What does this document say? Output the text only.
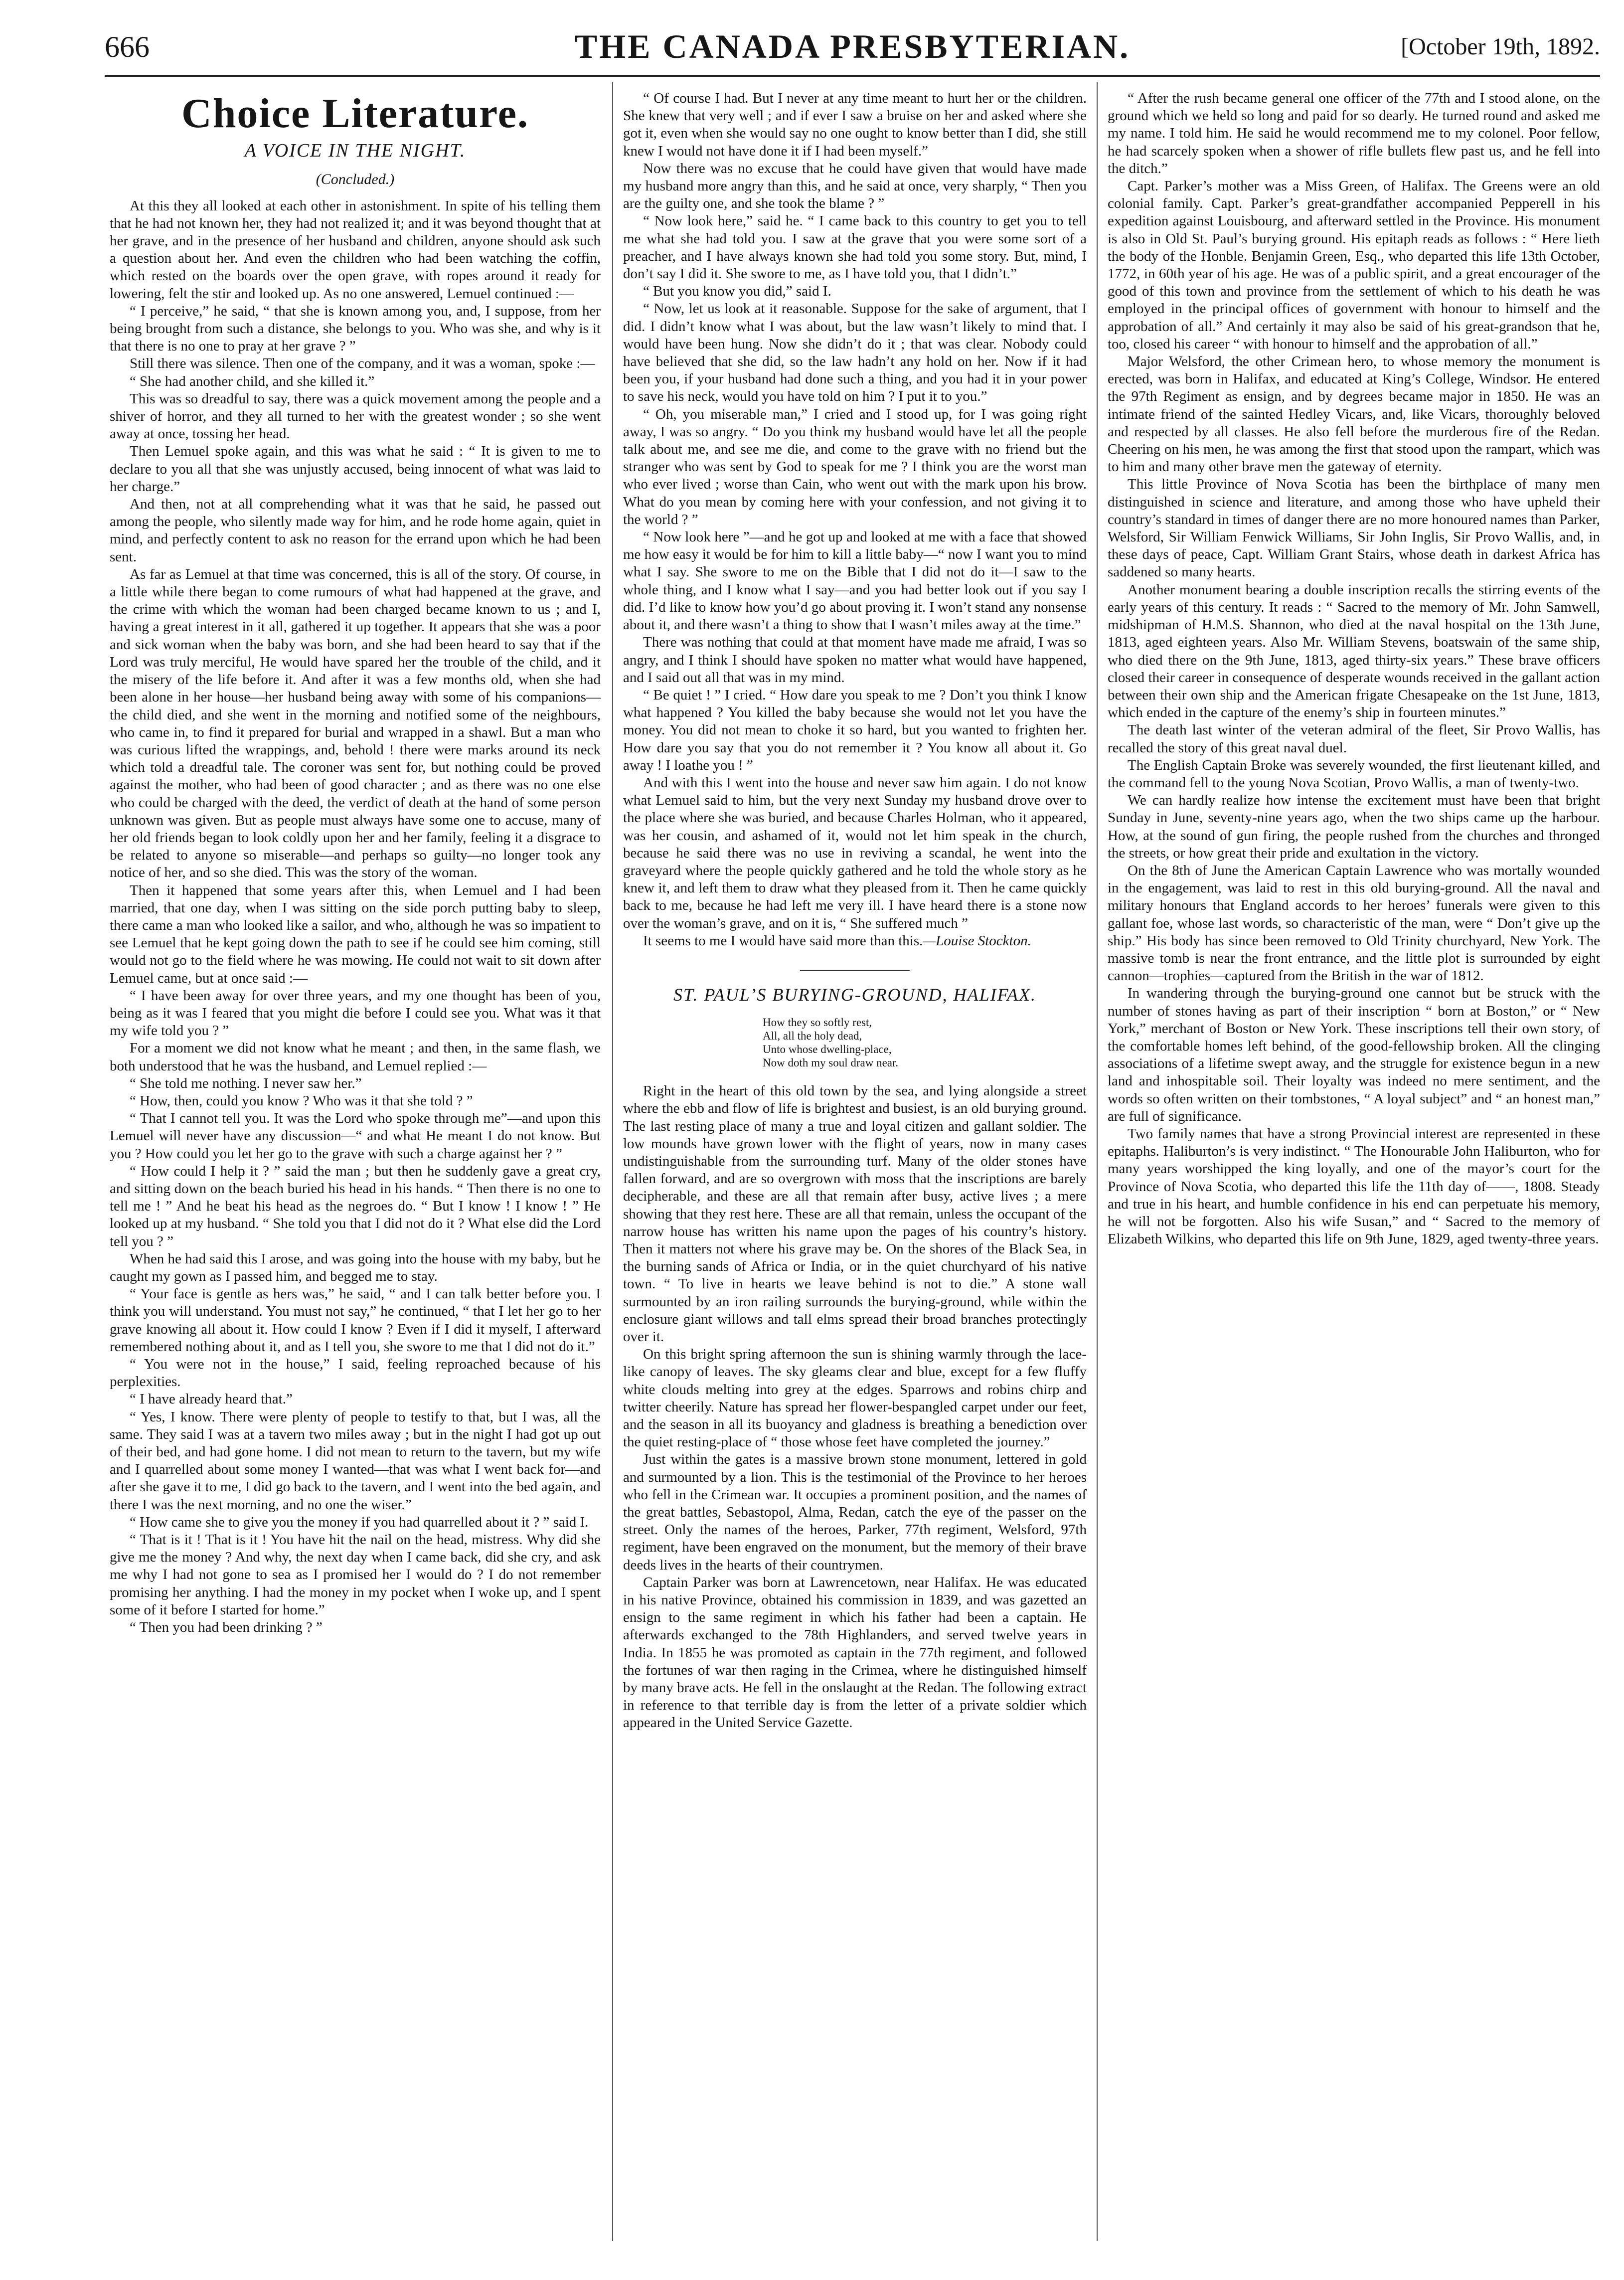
666	THE CANADA PRESBYTERIAN.	[October 19th, 1892.
Choice Literature.
A VOICE IN THE NIGHT.
(Concluded.)

At this they all looked at each other in astonishment. In spite of his telling them that he had not known her, they had not realized it; and it was beyond thought that at her grave, and in the presence of her husband and children, anyone should ask such a question about her. And even the children who had been watching the coffin, which rested on the boards over the open grave, with ropes around it ready for lowering, felt the stir and looked up. As no one answered, Lemuel continued :—

“ I perceive,” he said, “ that she is known among you, and, I suppose, from her being brought from such a distance, she belongs to you. Who was she, and why is it that there is no one to pray at her grave ? ”

Still there was silence. Then one of the company, and it was a woman, spoke :—

“ She had another child, and she killed it.”

This was so dreadful to say, there was a quick movement among the people and a shiver of horror, and they all turned to her with the greatest wonder ; so she went away at once, tossing her head.

Then Lemuel spoke again, and this was what he said : “ It is given to me to declare to you all that she was unjustly accused, being innocent of what was laid to her charge.”

And then, not at all comprehending what it was that he said, he passed out among the people, who silently made way for him, and he rode home again, quiet in mind, and perfectly content to ask no reason for the errand upon which he had been sent.

As far as Lemuel at that time was concerned, this is all of the story. Of course, in a little while there began to come rumours of what had happened at the grave, and the crime with which the woman had been charged became known to us ; and I, having a great interest in it all, gathered it up together. It appears that she was a poor and sick woman when the baby was born, and she had been heard to say that if the Lord was truly merciful, He would have spared her the trouble of the child, and it the misery of the life before it. And after it was a few months old, when she had been alone in her house—her husband being away with some of his companions—the child died, and she went in the morning and notified some of the neighbours, who came in, to find it prepared for burial and wrapped in a shawl. But a man who was curious lifted the wrappings, and, behold ! there were marks around its neck which told a dreadful tale. The coroner was sent for, but nothing could be proved against the mother, who had been of good character ; and as there was no one else who could be charged with the deed, the verdict of death at the hand of some person unknown was given. But as people must always have some one to accuse, many of her old friends began to look coldly upon her and her family, feeling it a disgrace to be related to anyone so miserable—and perhaps so guilty—no longer took any notice of her, and so she died. This was the story of the woman.

Then it happened that some years after this, when Lemuel and I had been married, that one day, when I was sitting on the side porch putting baby to sleep, there came a man who looked like a sailor, and who, although he was so impatient to see Lemuel that he kept going down the path to see if he could see him coming, still would not go to the field where he was mowing. He could not wait to sit down after Lemuel came, but at once said :—

“ I have been away for over three years, and my one thought has been of you, being as it was I feared that you might die before I could see you. What was it that my wife told you ? ”

For a moment we did not know what he meant ; and then, in the same flash, we both understood that he was the husband, and Lemuel replied :—

“ She told me nothing. I never saw her.”

“ How, then, could you know ? Who was it that she told ? ”

“ That I cannot tell you. It was the Lord who spoke through me”—and upon this Lemuel will never have any discussion—“ and what He meant I do not know. But you ? How could you let her go to the grave with such a charge against her ? ”

“ How could I help it ? ” said the man ; but then he suddenly gave a great cry, and sitting down on the beach buried his head in his hands. “ Then there is no one to tell me ! ” And he beat his head as the negroes do. “ But I know ! I know ! ” He looked up at my husband. “ She told you that I did not do it ? What else did the Lord tell you ? ”

When he had said this I arose, and was going into the house with my baby, but he caught my gown as I passed him, and begged me to stay.

“ Your face is gentle as hers was,” he said, “ and I can talk better before you. I think you will understand. You must not say,” he continued, “ that I let her go to her grave knowing all about it. How could I know ? Even if I did it myself, I afterward remembered nothing about it, and as I tell you, she swore to me that I did not do it.”

“ You were not in the house,” I said, feeling reproached because of his perplexities.

“ I have already heard that.”

“ Yes, I know. There were plenty of people to testify to that, but I was, all the same. They said I was at a tavern two miles away ; but in the night I had got up out of their bed, and had gone home. I did not mean to return to the tavern, but my wife and I quarrelled about some money I wanted—that was what I went back for—and after she gave it to me, I did go back to the tavern, and I went into the bed again, and there I was the next morning, and no one the wiser.”

“ How came she to give you the money if you had quarrelled about it ? ” said I.

“ That is it ! That is it ! You have hit the nail on the head, mistress. Why did she give me the money ? And why, the next day when I came back, did she cry, and ask me why I had not gone to sea as I promised her I would do ? I do not remember promising her anything. I had the money in my pocket when I woke up, and I spent some of it before I started for home.”

“ Then you had been drinking ? ”

“ Of course I had. But I never at any time meant to hurt her or the children. She knew that very well ; and if ever I saw a bruise on her and asked where she got it, even when she would say no one ought to know better than I did, she still knew I would not have done it if I had been myself.”

Now there was no excuse that he could have given that would have made my husband more angry than this, and he said at once, very sharply, “ Then you are the guilty one, and she took the blame ? ”

“ Now look here,” said he. “ I came back to this country to get you to tell me what she had told you. I saw at the grave that you were some sort of a preacher, and I have always known she had told you some story. But, mind, I don’t say I did it. She swore to me, as I have told you, that I didn’t.”

“ But you know you did,” said I.

“ Now, let us look at it reasonable. Suppose for the sake of argument, that I did. I didn’t know what I was about, but the law wasn’t likely to mind that. I would have been hung. Now she didn’t do it ; that was clear. Nobody could have believed that she did, so the law hadn’t any hold on her. Now if it had been you, if your husband had done such a thing, and you had it in your power to save his neck, would you have told on him ? I put it to you.”

“ Oh, you miserable man,” I cried and I stood up, for I was going right away, I was so angry. “ Do you think my husband would have let all the people talk about me, and see me die, and come to the grave with no friend but the stranger who was sent by God to speak for me ? I think you are the worst man who ever lived ; worse than Cain, who went out with the mark upon his brow. What do you mean by coming here with your confession, and not giving it to the world ? ”

“ Now look here ”—and he got up and looked at me with a face that showed me how easy it would be for him to kill a little baby—“ now I want you to mind what I say. She swore to me on the Bible that I did not do it—I saw to the whole thing, and I know what I say—and you had better look out if you say I did. I’d like to know how you’d go about proving it. I won’t stand any nonsense about it, and there wasn’t a thing to show that I wasn’t miles away at the time.”

There was nothing that could at that moment have made me afraid, I was so angry, and I think I should have spoken no matter what would have happened, and I said out all that was in my mind.

“ Be quiet ! ” I cried. “ How dare you speak to me ? Don’t you think I know what happened ? You killed the baby because she would not let you have the money. You did not mean to choke it so hard, but you wanted to frighten her. How dare you say that you do not remember it ? You know all about it. Go away ! I loathe you ! ”

And with this I went into the house and never saw him again. I do not know what Lemuel said to him, but the very next Sunday my husband drove over to the place where she was buried, and because Charles Holman, who it appeared, was her cousin, and ashamed of it, would not let him speak in the church, because he said there was no use in reviving a scandal, he went into the graveyard where the people quickly gathered and he told the whole story as he knew it, and left them to draw what they pleased from it. Then he came quickly back to me, because he had left me very ill. I have heard there is a stone now over the woman’s grave, and on it is, “ She suffered much ”

It seems to me I would have said more than this.—Louise Stockton.

ST. PAUL’S BURYING-GROUND, HALIFAX.
How they so softly rest,
All, all the holy dead,
Unto whose dwelling-place,
Now doth my soul draw near.

Right in the heart of this old town by the sea, and lying alongside a street where the ebb and flow of life is brightest and busiest, is an old burying ground. The last resting place of many a true and loyal citizen and gallant soldier. The low mounds have grown lower with the flight of years, now in many cases undistinguishable from the surrounding turf. Many of the older stones have fallen forward, and are so overgrown with moss that the inscriptions are barely decipherable, and these are all that remain after busy, active lives ; a mere showing that they rest here. These are all that remain, unless the occupant of the narrow house has written his name upon the pages of his country’s history. Then it matters not where his grave may be. On the shores of the Black Sea, in the burning sands of Africa or India, or in the quiet churchyard of his native town. “ To live in hearts we leave behind is not to die.” A stone wall surmounted by an iron railing surrounds the burying-ground, while within the enclosure giant willows and tall elms spread their broad branches protectingly over it.

On this bright spring afternoon the sun is shining warmly through the lace-like canopy of leaves. The sky gleams clear and blue, except for a few fluffy white clouds melting into grey at the edges. Sparrows and robins chirp and twitter cheerily. Nature has spread her flower-bespangled carpet under our feet, and the season in all its buoyancy and gladness is breathing a benediction over the quiet resting-place of “ those whose feet have completed the journey.”

Just within the gates is a massive brown stone monument, lettered in gold and surmounted by a lion. This is the testimonial of the Province to her heroes who fell in the Crimean war. It occupies a prominent position, and the names of the great battles, Sebastopol, Alma, Redan, catch the eye of the passer on the street. Only the names of the heroes, Parker, 77th regiment, Welsford, 97th regiment, have been engraved on the monument, but the memory of their brave deeds lives in the hearts of their countrymen.

Captain Parker was born at Lawrencetown, near Halifax. He was educated in his native Province, obtained his commission in 1839, and was gazetted an ensign to the same regiment in which his father had been a captain. He afterwards exchanged to the 78th Highlanders, and served twelve years in India. In 1855 he was promoted as captain in the 77th regiment, and followed the fortunes of war then raging in the Crimea, where he distinguished himself by many brave acts. He fell in the onslaught at the Redan. The following extract in reference to that terrible day is from the letter of a private soldier which appeared in the United Service Gazette.

“ After the rush became general one officer of the 77th and I stood alone, on the ground which we held so long and paid for so dearly. He turned round and asked me my name. I told him. He said he would recommend me to my colonel. Poor fellow, he had scarcely spoken when a shower of rifle bullets flew past us, and he fell into the ditch.”

Capt. Parker’s mother was a Miss Green, of Halifax. The Greens were an old colonial family. Capt. Parker’s great-grandfather accompanied Pepperell in his expedition against Louisbourg, and afterward settled in the Province. His monument is also in Old St. Paul’s burying ground. His epitaph reads as follows : “ Here lieth the body of the Honble. Benjamin Green, Esq., who departed this life 13th October, 1772, in 60th year of his age. He was of a public spirit, and a great encourager of the good of this town and province from the settlement of which to his death he was employed in the principal offices of government with honour to himself and the approbation of all.” And certainly it may also be said of his great-grandson that he, too, closed his career “ with honour to himself and the approbation of all.”

Major Welsford, the other Crimean hero, to whose memory the monument is erected, was born in Halifax, and educated at King’s College, Windsor. He entered the 97th Regiment as ensign, and by degrees became major in 1850. He was an intimate friend of the sainted Hedley Vicars, and, like Vicars, thoroughly beloved and respected by all classes. He also fell before the murderous fire of the Redan. Cheering on his men, he was among the first that stood upon the rampart, which was to him and many other brave men the gateway of eternity.

This little Province of Nova Scotia has been the birthplace of many men distinguished in science and literature, and among those who have upheld their country’s standard in times of danger there are no more honoured names than Parker, Welsford, Sir William Fenwick Williams, Sir John Inglis, Sir Provo Wallis, and, in these days of peace, Capt. William Grant Stairs, whose death in darkest Africa has saddened so many hearts.

Another monument bearing a double inscription recalls the stirring events of the early years of this century. It reads : “ Sacred to the memory of Mr. John Samwell, midshipman of H.M.S. Shannon, who died at the naval hospital on the 13th June, 1813, aged eighteen years. Also Mr. William Stevens, boatswain of the same ship, who died there on the 9th June, 1813, aged thirty-six years.” These brave officers closed their career in consequence of desperate wounds received in the gallant action between their own ship and the American frigate Chesapeake on the 1st June, 1813, which ended in the capture of the enemy’s ship in fourteen minutes.”

The death last winter of the veteran admiral of the fleet, Sir Provo Wallis, has recalled the story of this great naval duel.

The English Captain Broke was severely wounded, the first lieutenant killed, and the command fell to the young Nova Scotian, Provo Wallis, a man of twenty-two.

We can hardly realize how intense the excitement must have been that bright Sunday in June, seventy-nine years ago, when the two ships came up the harbour. How, at the sound of gun firing, the people rushed from the churches and thronged the streets, or how great their pride and exultation in the victory.

On the 8th of June the American Captain Lawrence who was mortally wounded in the engagement, was laid to rest in this old burying-ground. All the naval and military honours that England accords to her heroes’ funerals were given to this gallant foe, whose last words, so characteristic of the man, were “ Don’t give up the ship.” His body has since been removed to Old Trinity churchyard, New York. The massive tomb is near the front entrance, and the little plot is surrounded by eight cannon—trophies—captured from the British in the war of 1812.

In wandering through the burying-ground one cannot but be struck with the number of stones having as part of their inscription “ born at Boston,” or “ New York,” merchant of Boston or New York. These inscriptions tell their own story, of the comfortable homes left behind, of the good-fellowship broken. All the clinging associations of a lifetime swept away, and the struggle for existence begun in a new land and inhospitable soil. Their loyalty was indeed no mere sentiment, and the words so often written on their tombstones, “ A loyal subject” and “ an honest man,” are full of significance.

Two family names that have a strong Provincial interest are represented in these epitaphs. Haliburton’s is very indistinct. “ The Honourable John Haliburton, who for many years worshipped the king loyally, and one of the mayor’s court for the Province of Nova Scotia, who departed this life the 11th day of——, 1808. Steady and true in his heart, and humble confidence in his end can perpetuate his memory, he will not be forgotten. Also his wife Susan,” and “ Sacred to the memory of Elizabeth Wilkins, who departed this life on 9th June, 1829, aged twenty-three years.
